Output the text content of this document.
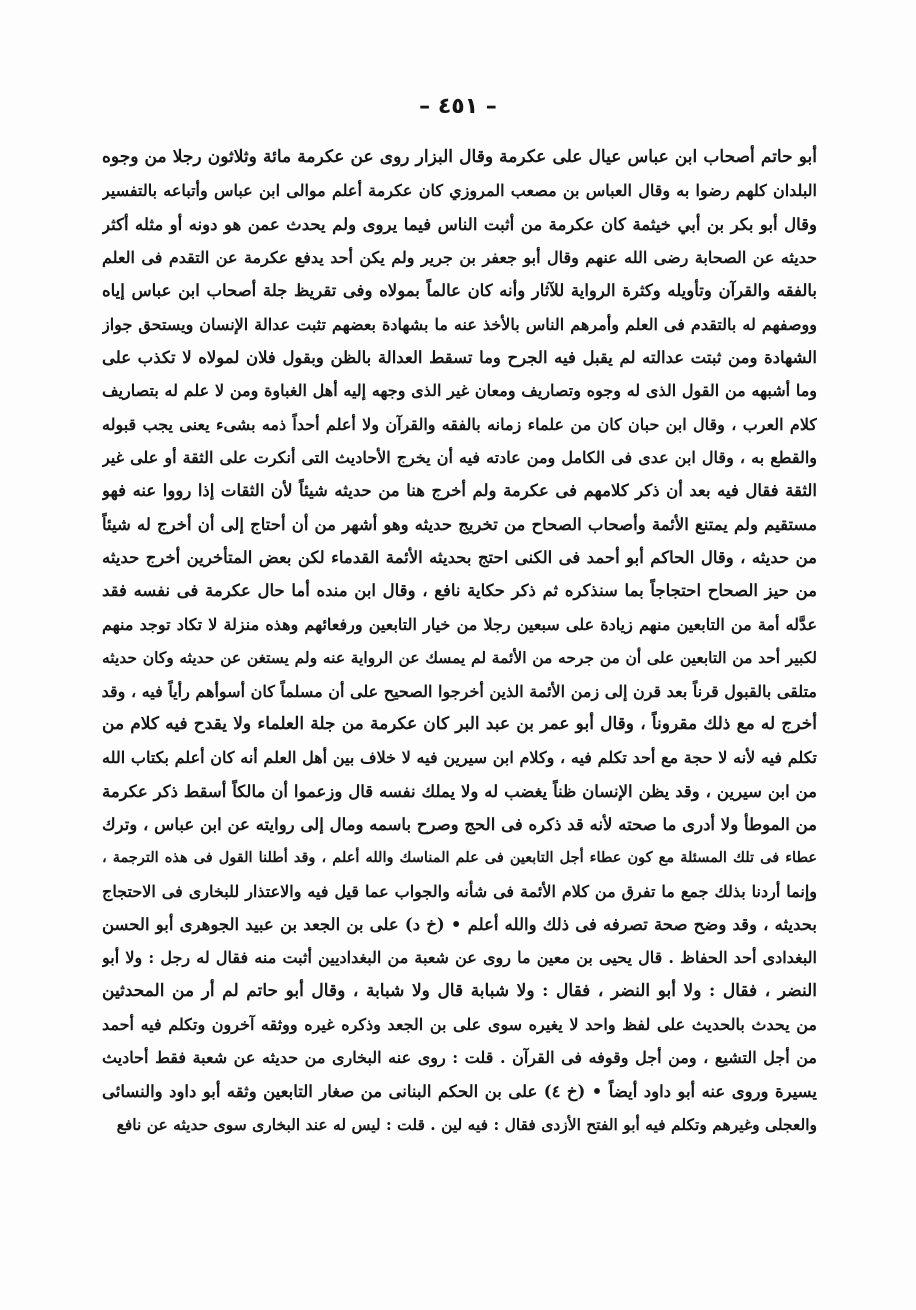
– ٤٥١ –
أبو حاتم أصحاب ابن عباس عيال على عكرمة وقال البزار روى عن عكرمة مائة وثلاثون رجلا من وجوه
البلدان كلهم رضوا به وقال العباس بن مصعب المروزي كان عكرمة أعلم موالى ابن عباس وأتباعه بالتفسير
وقال أبو بكر بن أبي خيثمة كان عكرمة من أثبت الناس فيما يروى ولم يحدث عمن هو دونه أو مثله أكثر
حديثه عن الصحابة رضى الله عنهم وقال أبو جعفر بن جرير ولم يكن أحد يدفع عكرمة عن التقدم فى العلم
بالفقه والقرآن وتأويله وكثرة الرواية للآثار وأنه كان عالماً بمولاه وفى تقريظ جلة أصحاب ابن عباس إياه
ووصفهم له بالتقدم فى العلم وأمرهم الناس بالأخذ عنه ما بشهادة بعضهم تثبت عدالة الإنسان ويستحق جواز
الشهادة ومن ثبتت عدالته لم يقبل فيه الجرح وما تسقط العدالة بالظن وبقول فلان لمولاه لا تكذب على
وما أشبهه من القول الذى له وجوه وتصاريف ومعان غير الذى وجهه إليه أهل الغباوة ومن لا علم له بتصاريف
كلام العرب ، وقال ابن حبان كان من علماء زمانه بالفقه والقرآن ولا أعلم أحداً ذمه بشىء يعنى يجب قبوله
والقطع به ، وقال ابن عدى فى الكامل ومن عادته فيه أن يخرج الأحاديث التى أنكرت على الثقة أو على غير
الثقة فقال فيه بعد أن ذكر كلامهم فى عكرمة ولم أخرج هنا من حديثه شيئاً لأن الثقات إذا رووا عنه فهو
مستقيم ولم يمتنع الأئمة وأصحاب الصحاح من تخريج حديثه وهو أشهر من أن أحتاج إلى أن أخرج له شيئاً
من حديثه ، وقال الحاكم أبو أحمد فى الكنى احتج بحديثه الأئمة القدماء لكن بعض المتأخرين أخرج حديثه
من حيز الصحاح احتجاجاً بما سنذكره ثم ذكر حكاية نافع ، وقال ابن منده أما حال عكرمة فى نفسه فقد
عدَّله أمة من التابعين منهم زيادة على سبعين رجلا من خيار التابعين ورفعائهم وهذه منزلة لا تكاد توجد منهم
لكبير أحد من التابعين على أن من جرحه من الأئمة لم يمسك عن الرواية عنه ولم يستغن عن حديثه وكان حديثه
متلقى بالقبول قرناً بعد قرن إلى زمن الأئمة الذين أخرجوا الصحيح على أن مسلماً كان أسوأهم رأياً فيه ، وقد
أخرج له مع ذلك مقروناً ، وقال أبو عمر بن عبد البر كان عكرمة من جلة العلماء ولا يقدح فيه كلام من
تكلم فيه لأنه لا حجة مع أحد تكلم فيه ، وكلام ابن سيرين فيه لا خلاف بين أهل العلم أنه كان أعلم بكتاب الله
من ابن سيرين ، وقد يظن الإنسان ظناً يغضب له ولا يملك نفسه قال وزعموا أن مالكاً أسقط ذكر عكرمة
من الموطأ ولا أدرى ما صحته لأنه قد ذكره فى الحج وصرح باسمه ومال إلى روايته عن ابن عباس ، وترك
عطاء فى تلك المسئلة مع كون عطاء أجل التابعين فى علم المناسك والله أعلم ، وقد أطلنا القول فى هذه الترجمة ،
وإنما أردنا بذلك جمع ما تفرق من كلام الأئمة فى شأنه والجواب عما قيل فيه والاعتذار للبخارى فى الاحتجاج
بحديثه ، وقد وضح صحة تصرفه فى ذلك والله أعلم • (خ د) على بن الجعد بن عبيد الجوهرى أبو الحسن
البغدادى أحد الحفاظ . قال يحيى بن معين ما روى عن شعبة من البغداديين أثبت منه فقال له رجل : ولا أبو
النضر ، فقال : ولا أبو النضر ، فقال : ولا شبابة قال ولا شبابة ، وقال أبو حاتم لم أر من المحدثين
من يحدث بالحديث على لفظ واحد لا يغيره سوى على بن الجعد وذكره غيره ووثقه آخرون وتكلم فيه أحمد
من أجل التشيع ، ومن أجل وقوفه فى القرآن . قلت : روى عنه البخارى من حديثه عن شعبة فقط أحاديث
يسيرة وروى عنه أبو داود أيضاً • (خ ٤) على بن الحكم البنانى من صغار التابعين وثقه أبو داود والنسائى
والعجلى وغيرهم وتكلم فيه أبو الفتح الأزدى فقال : فيه لين . قلت : ليس له عند البخارى سوى حديثه عن نافع
